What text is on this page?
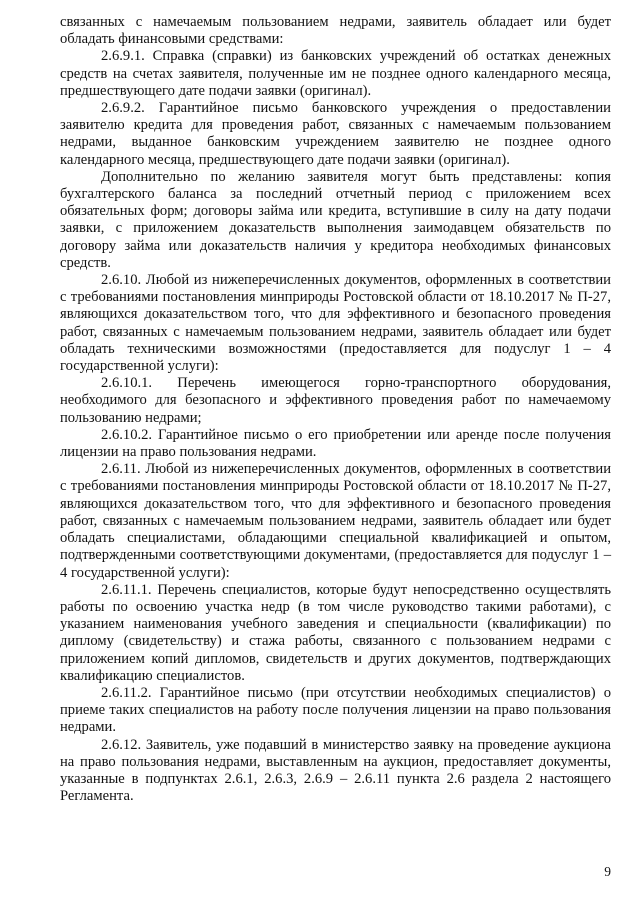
связанных с намечаемым пользованием недрами, заявитель обладает или будет обладать финансовыми средствами:

2.6.9.1. Справка (справки) из банковских учреждений об остатках денежных средств на счетах заявителя, полученные им не позднее одного календарного месяца, предшествующего дате подачи заявки (оригинал).

2.6.9.2. Гарантийное письмо банковского учреждения о предоставлении заявителю кредита для проведения работ, связанных с намечаемым пользованием недрами, выданное банковским учреждением заявителю не позднее одного календарного месяца, предшествующего дате подачи заявки (оригинал).

Дополнительно по желанию заявителя могут быть представлены: копия бухгалтерского баланса за последний отчетный период с приложением всех обязательных форм; договоры займа или кредита, вступившие в силу на дату подачи заявки, с приложением доказательств выполнения заимодавцем обязательств по договору займа или доказательств наличия у кредитора необходимых финансовых средств.

2.6.10. Любой из нижеперечисленных документов, оформленных в соответствии с требованиями постановления минприроды Ростовской области от 18.10.2017 № П-27, являющихся доказательством того, что для эффективного и безопасного проведения работ, связанных с намечаемым пользованием недрами, заявитель обладает или будет обладать техническими возможностями (предоставляется для подуслуг 1 – 4 государственной услуги):

2.6.10.1. Перечень имеющегося горно-транспортного оборудования, необходимого для безопасного и эффективного проведения работ по намечаемому пользованию недрами;

2.6.10.2. Гарантийное письмо о его приобретении или аренде после получения лицензии на право пользования недрами.

2.6.11. Любой из нижеперечисленных документов, оформленных в соответствии с требованиями постановления минприроды Ростовской области от 18.10.2017 № П-27, являющихся доказательством того, что для эффективного и безопасного проведения работ, связанных с намечаемым пользованием недрами, заявитель обладает или будет обладать специалистами, обладающими специальной квалификацией и опытом, подтвержденными соответствующими документами, (предоставляется для подуслуг 1 – 4 государственной услуги):

2.6.11.1. Перечень специалистов, которые будут непосредственно осуществлять работы по освоению участка недр (в том числе руководство такими работами), с указанием наименования учебного заведения и специальности (квалификации) по диплому (свидетельству) и стажа работы, связанного с пользованием недрами с приложением копий дипломов, свидетельств и других документов, подтверждающих квалификацию специалистов.

2.6.11.2. Гарантийное письмо (при отсутствии необходимых специалистов) о приеме таких специалистов на работу после получения лицензии на право пользования недрами.

2.6.12. Заявитель, уже подавший в министерство заявку на проведение аукциона на право пользования недрами, выставленным на аукцион, предоставляет документы, указанные в подпунктах 2.6.1, 2.6.3, 2.6.9 – 2.6.11 пункта 2.6 раздела 2 настоящего Регламента.

9
